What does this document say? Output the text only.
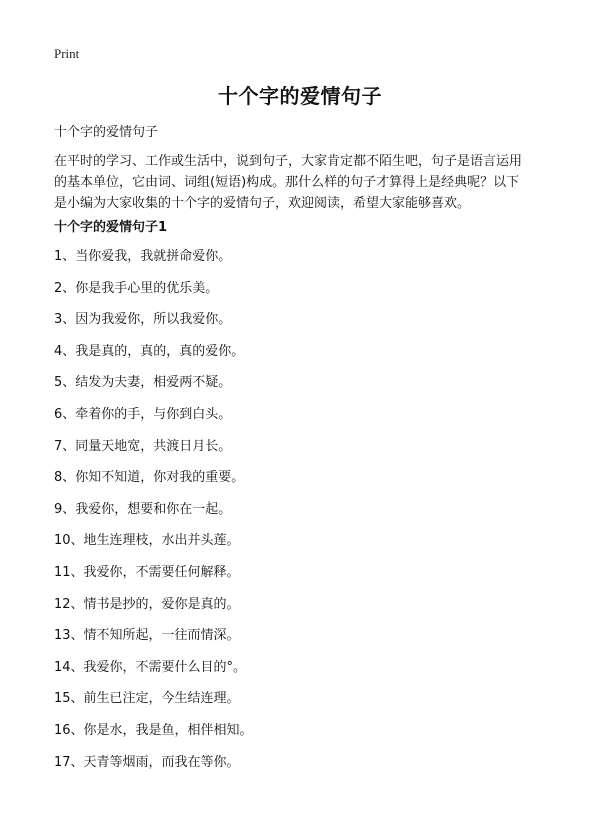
Print
十个字的爱情句子
十个字的爱情句子
在平时的学习、工作或生活中，说到句子，大家肯定都不陌生吧，句子是语言运用
的基本单位，它由词、词组(短语)构成。那什么样的句子才算得上是经典呢？以下
是小编为大家收集的十个字的爱情句子，欢迎阅读，希望大家能够喜欢。
十个字的爱情句子1
1、当你爱我，我就拼命爱你。
2、你是我手心里的优乐美。
3、因为我爱你，所以我爱你。
4、我是真的，真的，真的爱你。
5、结发为夫妻，相爱两不疑。
6、牵着你的手，与你到白头。
7、同量天地宽，共渡日月长。
8、你知不知道，你对我的重要。
9、我爱你，想要和你在一起。
10、地生连理枝，水出并头莲。
11、我爱你，不需要任何解释。
12、情书是抄的，爱你是真的。
13、情不知所起，一往而情深。
14、我爱你，不需要什么目的°。
15、前生已注定，今生结连理。
16、你是水，我是鱼，相伴相知。
17、天青等烟雨，而我在等你。
